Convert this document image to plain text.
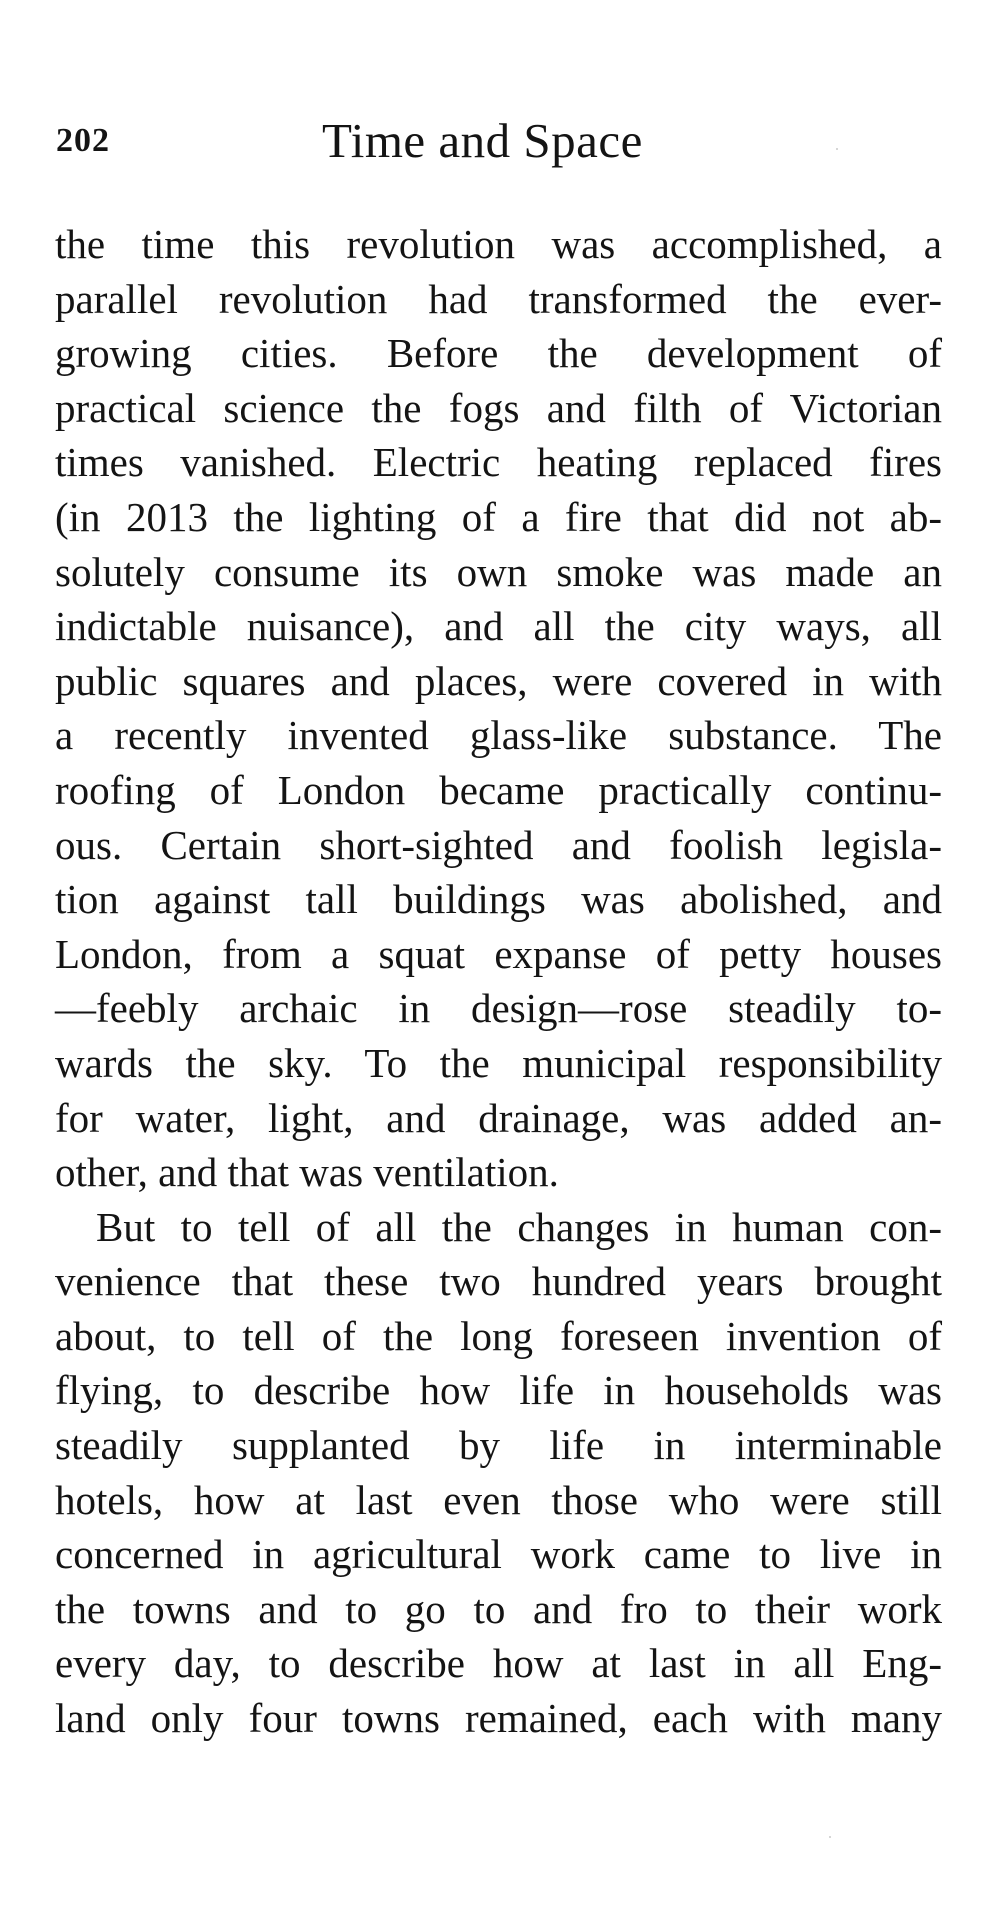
202	Time and Space
the time this revolution was accomplished, a
parallel revolution had transformed the ever-
growing cities. Before the development of
practical science the fogs and filth of Victorian
times vanished. Electric heating replaced fires
(in 2013 the lighting of a fire that did not ab-
solutely consume its own smoke was made an
indictable nuisance), and all the city ways, all
public squares and places, were covered in with
a recently invented glass-like substance. The
roofing of London became practically continu-
ous. Certain short-sighted and foolish legisla-
tion against tall buildings was abolished, and
London, from a squat expanse of petty houses
—feebly archaic in design—rose steadily to-
wards the sky. To the municipal responsibility
for water, light, and drainage, was added an-
other, and that was ventilation.
But to tell of all the changes in human con-
venience that these two hundred years brought
about, to tell of the long foreseen invention of
flying, to describe how life in households was
steadily supplanted by life in interminable
hotels, how at last even those who were still
concerned in agricultural work came to live in
the towns and to go to and fro to their work
every day, to describe how at last in all Eng-
land only four towns remained, each with many
